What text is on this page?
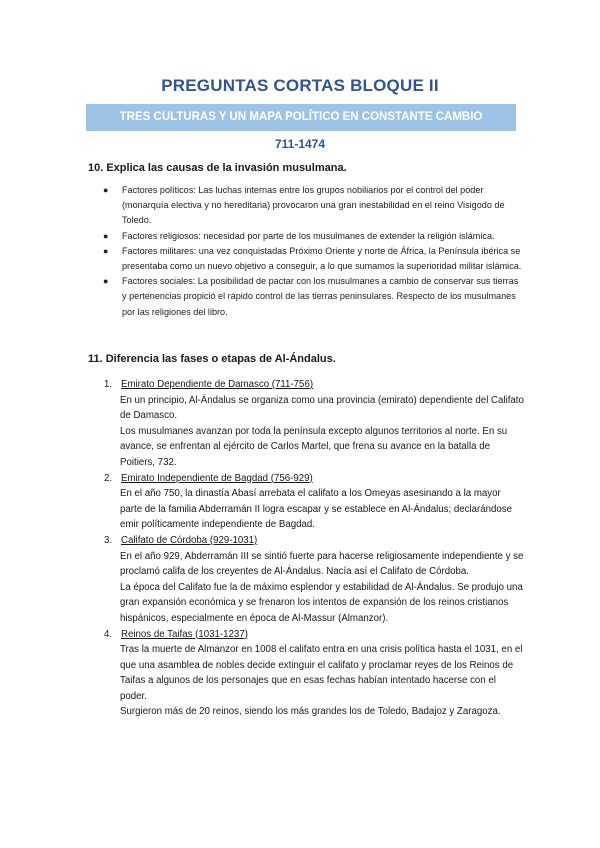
PREGUNTAS CORTAS BLOQUE II
TRES CULTURAS Y UN MAPA POLÍTICO EN CONSTANTE CAMBIO
711-1474
10. Explica las causas de la invasión musulmana.
● Factores políticos: Las luchas internas entre los grupos nobiliarios por el control del poder (monarquía electiva y no hereditaria) provocaron una gran inestabilidad en el reino Visigodo de Toledo.
● Factores religiosos: necesidad por parte de los musulmanes de extender la religión islámica.
● Factores militares: una vez conquistadas Próximo Oriente y norte de África, la Península ibérica se presentaba como un nuevo objetivo a conseguir, a lo que sumamos la superioridad militar islámica.
● Factores sociales: La posibilidad de pactar con los musulmanes a cambio de conservar sus tierras y pertenencias propició el rápido control de las tierras peninsulares. Respecto de los musulmanes por las religiones del libro.
11. Diferencia las fases o etapas de Al-Ándalus.
1. Emirato Dependiente de Damasco (711-756)

En un principio, Al-Ándalus se organiza como una provincia (emirato) dependiente del Califato de Damasco.

Los musulmanes avanzan por toda la península excepto algunos territorios al norte. En su avance, se enfrentan al ejército de Carlos Martel, que frena su avance en la batalla de Poitiers, 732.

2. Emirato Independiente de Bagdad (756-929)

En el año 750, la dinastía Abasí arrebata el califato a los Omeyas asesinando a la mayor parte de la familia Abderramán II logra escapar y se establece en Al-Ándalus; declarándose emir políticamente independiente de Bagdad.

3. Califato de Córdoba (929-1031)

En el año 929, Abderramán III se sintió fuerte para hacerse religiosamente independiente y se proclamó califa de los creyentes de Al-Ándalus. Nacía así el Califato de Córdoba.

La época del Califato fue la de máximo esplendor y estabilidad de Al-Ándalus. Se produjo una gran expansión económica y se frenaron los intentos de expansión de los reinos cristianos hispánicos, especialmente en época de Al-Massur (Almanzor).

4. Reinos de Taifas (1031-1237)

Tras la muerte de Almanzor en 1008 el califato entra en una crisis política hasta el 1031, en el que una asamblea de nobles decide extinguir el califato y proclamar reyes de los Reinos de Taifas a algunos de los personajes que en esas fechas habían intentado hacerse con el poder.

Surgieron más de 20 reinos, siendo los más grandes los de Toledo, Badajoz y Zaragoza.
